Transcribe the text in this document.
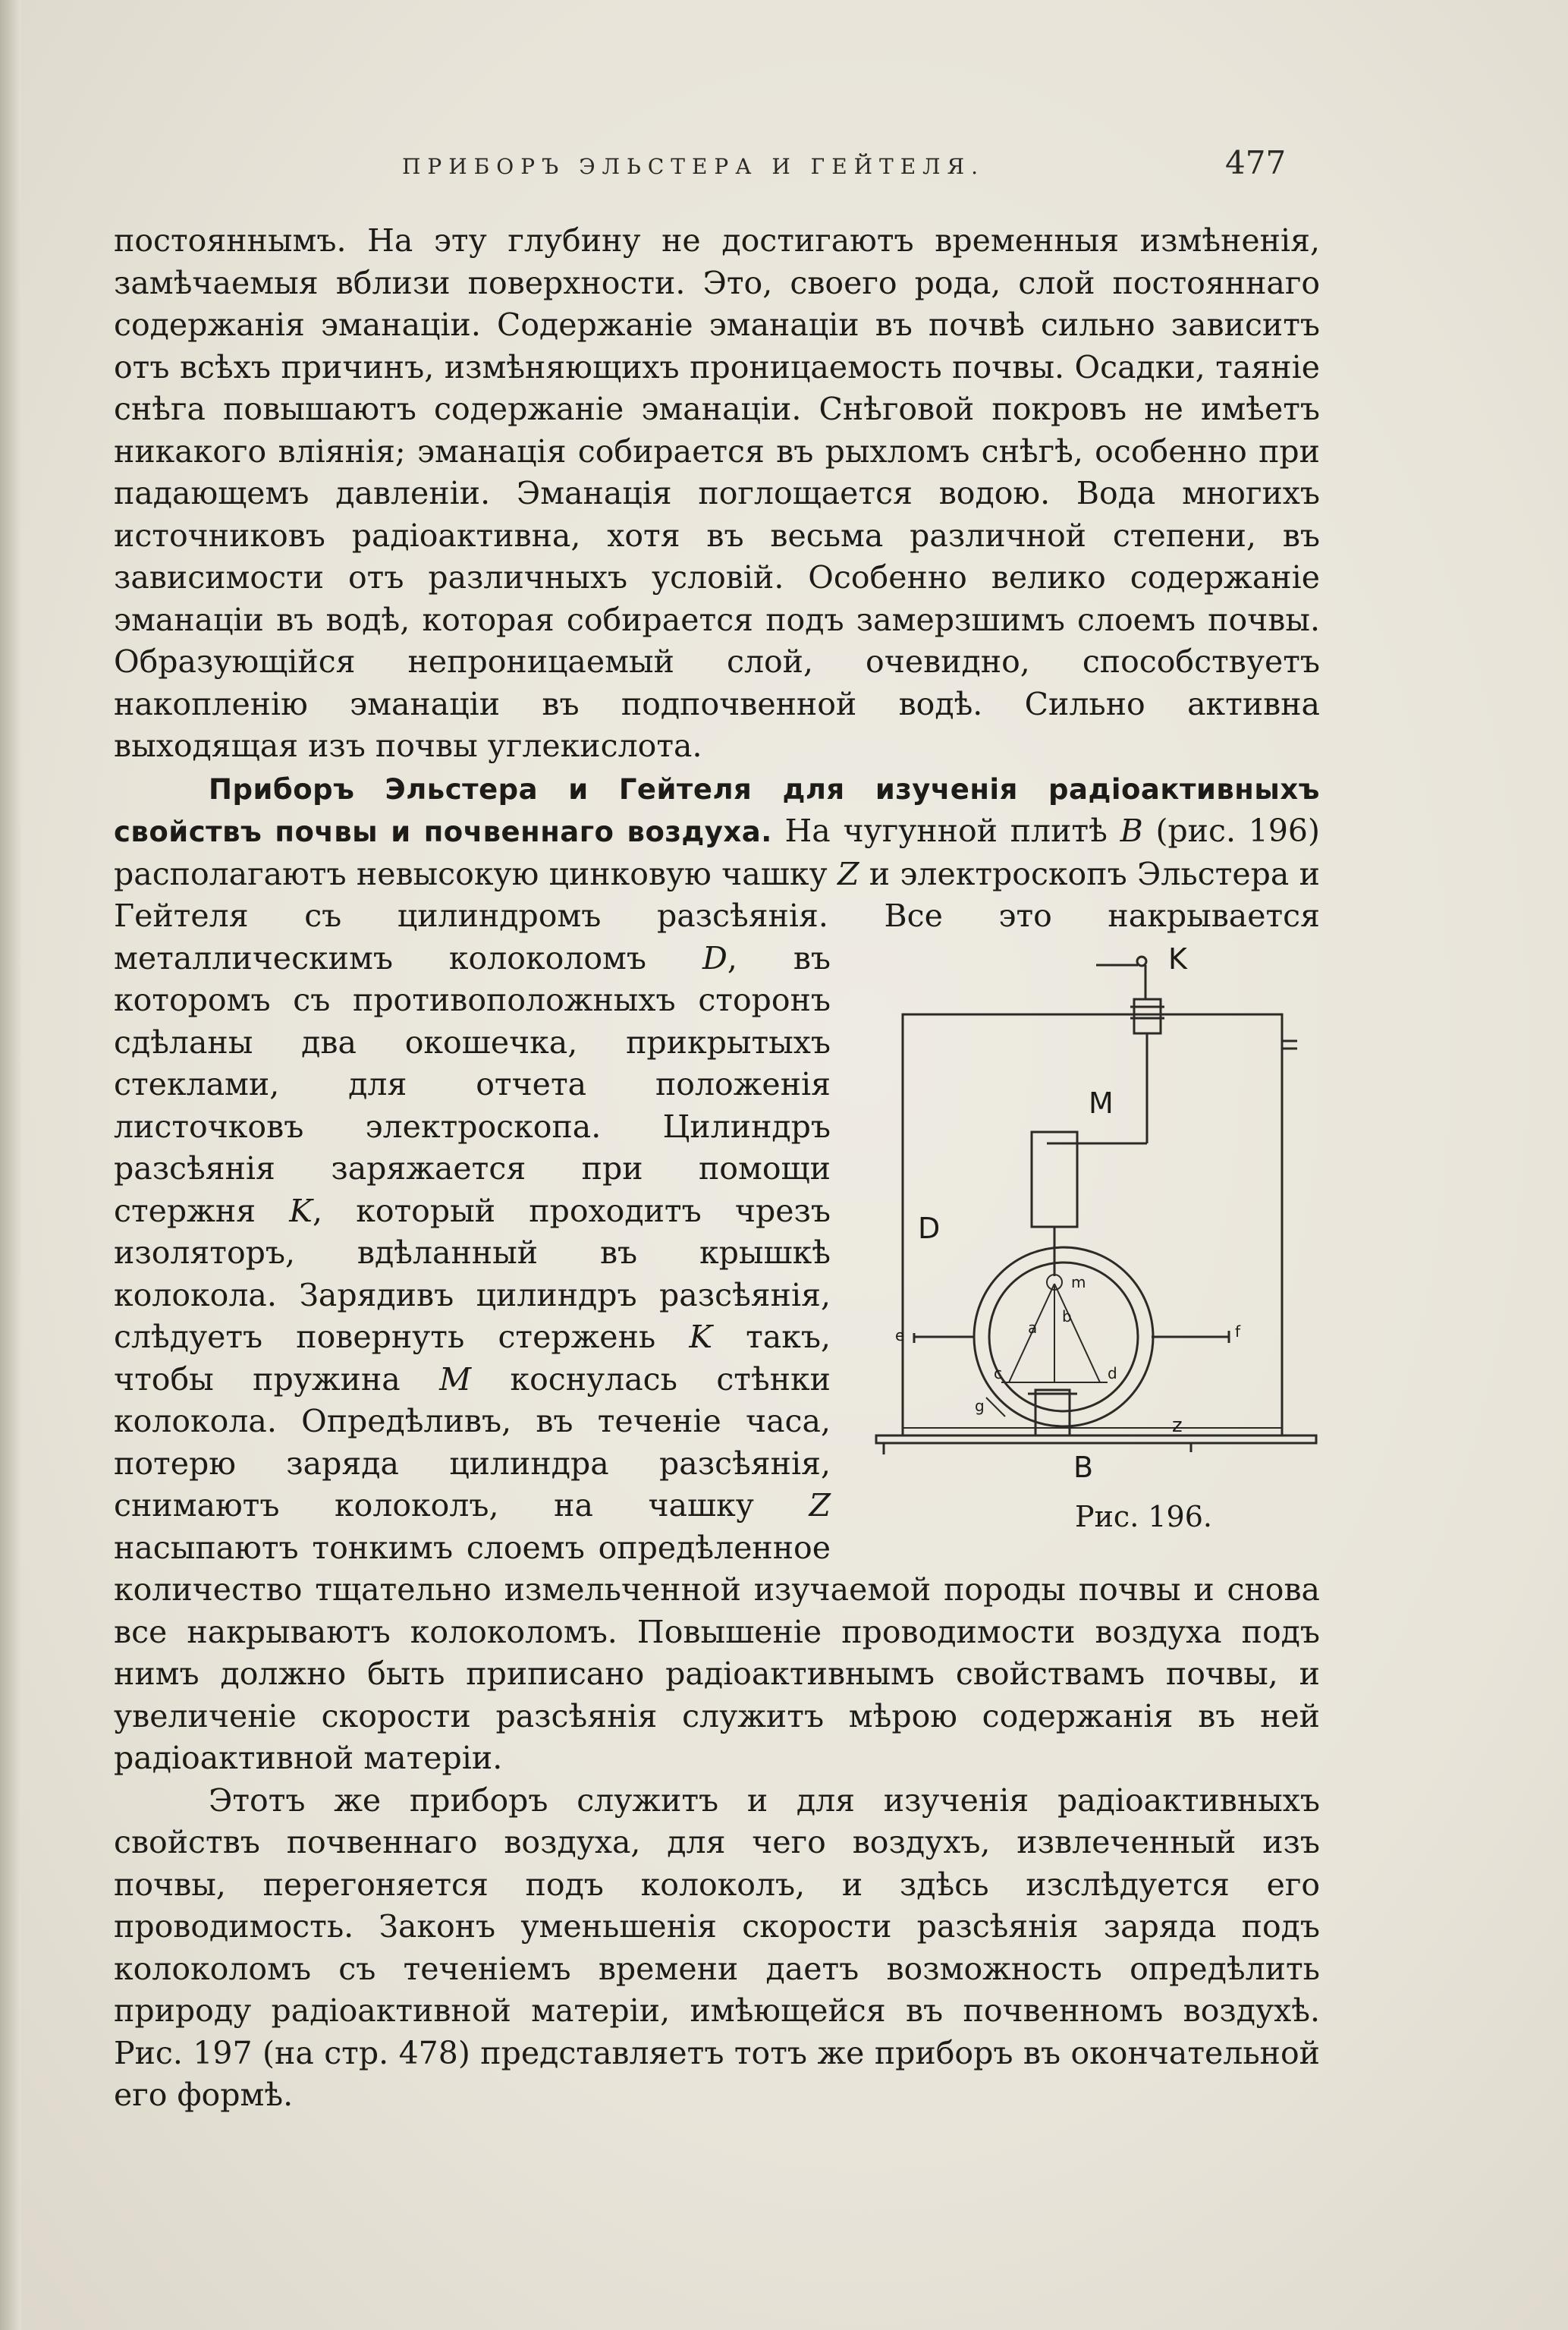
ПРИБОРЪ ЭЛЬСТЕРА И ГЕЙТЕЛЯ.	477

постояннымъ. На эту глубину не достигаютъ временныя измѣненія, замѣчаемыя вблизи поверхности. Это, своего рода, слой постояннаго содержанія эманаціи. Содержаніе эманаціи въ почвѣ сильно зависитъ отъ всѣхъ причинъ, измѣняющихъ проницаемость почвы. Осадки, таяніе снѣга повышаютъ содержаніе эманаціи. Снѣговой покровъ не имѣетъ никакого вліянія; эманація собирается въ рыхломъ снѣгѣ, особенно при падающемъ давленіи. Эманація поглощается водою. Вода многихъ источниковъ радіоактивна, хотя въ весьма различной степени, въ зависимости отъ различныхъ условій. Особенно велико содержаніе эманаціи въ водѣ, которая собирается подъ замерзшимъ слоемъ почвы. Образующійся непроницаемый слой, очевидно, способствуетъ накопленію эманаціи въ подпочвенной водѣ. Сильно активна выходящая изъ почвы углекислота.

Приборъ Эльстера и Гейтеля для изученія радіоактивныхъ свойствъ почвы и почвеннаго воздуха. На чугунной плитѣ B (рис. 196) располагаютъ невысокую цинковую чашку Z и электроскопъ Эльстера и Гейтеля съ цилиндромъ разсѣянія. Все это накрывается металлическимъ колоколомъ	K
M
D
B
z
a
b
c	d
e	f
g
m
Рис. 196.
D, въ которомъ съ противоположныхъ сторонъ сдѣланы два окошечка, прикрытыхъ стеклами, для отчета положенія листочковъ электроскопа. Цилиндръ разсѣянія заряжается при помощи стержня K, который проходитъ чрезъ изоляторъ, вдѣланный въ крышкѣ колокола. Зарядивъ цилиндръ разсѣянія, слѣдуетъ повернуть стержень K такъ, чтобы пружина M коснулась стѣнки колокола. Опредѣливъ, въ теченіе часа, потерю заряда цилиндра разсѣянія, снимаютъ колоколъ, на чашку Z насыпаютъ тонкимъ слоемъ опредѣленное количество тщательно измельченной изучаемой породы почвы и снова все накрываютъ колоколомъ. Повышеніе проводимости воздуха подъ нимъ должно быть приписано радіоактивнымъ свойствамъ почвы, и увеличеніе скорости разсѣянія служитъ мѣрою содержанія въ ней радіоактивной матеріи.

Этотъ же приборъ служитъ и для изученія радіоактивныхъ свойствъ почвеннаго воздуха, для чего воздухъ, извлеченный изъ почвы, перегоняется подъ колоколъ, и здѣсь изслѣдуется его проводимость. Законъ уменьшенія скорости разсѣянія заряда подъ колоколомъ съ теченіемъ времени даетъ возможность опредѣлить природу радіоактивной матеріи, имѣющейся въ почвенномъ воздухѣ. Рис. 197 (на стр. 478) представляетъ тотъ же приборъ въ окончательной его формѣ.
